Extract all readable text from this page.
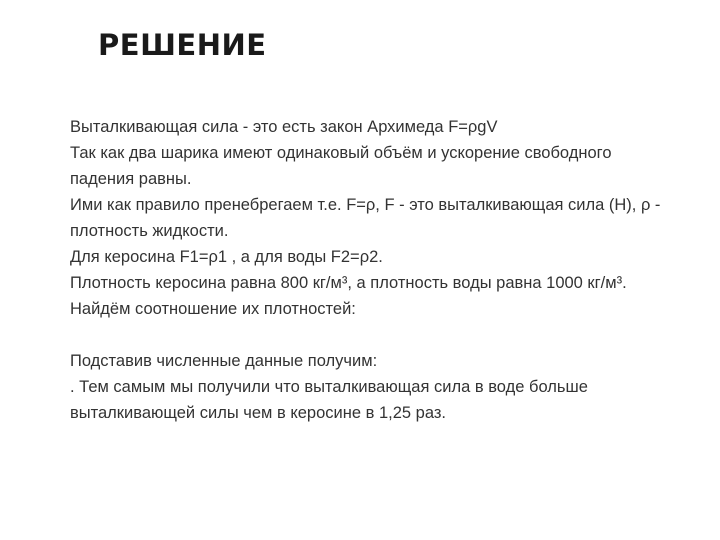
РЕШЕНИЕ

Выталкивающая сила - это есть закон Архимеда F=ρgV

Так как два шарика имеют одинаковый объём и ускорение свободного падения равны.

Ими как правило пренебрегаем т.е. F=ρ, F - это выталкивающая сила (Н), ρ - плотность жидкости.

Для керосина F1=ρ1 , а для воды F2=ρ2.

Плотность керосина равна 800 кг/м³, а плотность воды равна 1000 кг/м³.

Найдём соотношение их плотностей:

Подставив численные данные получим:

. Тем самым мы получили что выталкивающая сила в воде больше выталкивающей силы чем в керосине в 1,25 раз.
